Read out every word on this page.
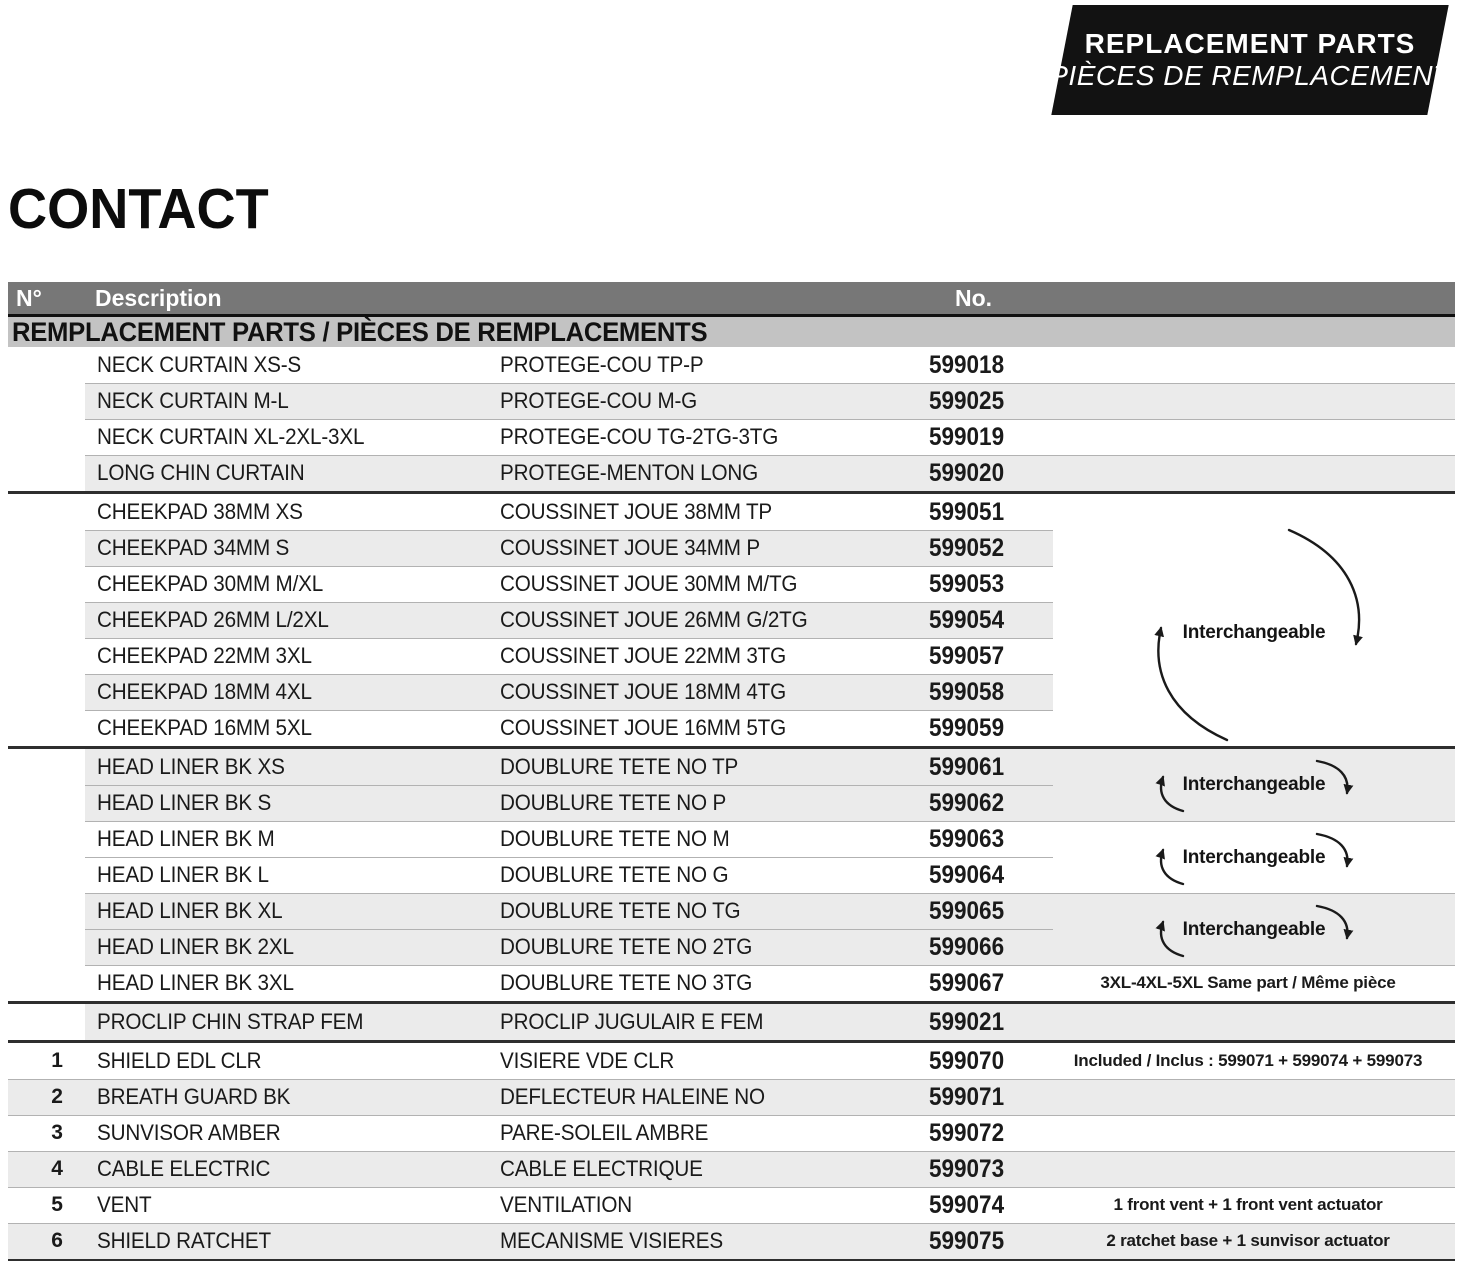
REPLACEMENT PARTS
PIÈCES DE REMPLACEMENT
CONTACT
N° Description	No.
REMPLACEMENT PARTS / PIÈCES DE REMPLACEMENTS
NECK CURTAIN XS-S	PROTEGE-COU TP-P	599018
NECK CURTAIN M-L	PROTEGE-COU M-G	599025
NECK CURTAIN XL-2XL-3XL	PROTEGE-COU TG-2TG-3TG	599019
LONG CHIN CURTAIN	PROTEGE-MENTON LONG	599020
CHEEKPAD 38MM XS	COUSSINET JOUE 38MM TP	599051
CHEEKPAD 34MM S	COUSSINET JOUE 34MM P	599052
CHEEKPAD 30MM M/XL	COUSSINET JOUE 30MM M/TG	599053
CHEEKPAD 26MM L/2XL	COUSSINET JOUE 26MM G/2TG	599054
CHEEKPAD 22MM 3XL	COUSSINET JOUE 22MM 3TG	599057
CHEEKPAD 18MM 4XL	COUSSINET JOUE 18MM 4TG	599058
CHEEKPAD 16MM 5XL	COUSSINET JOUE 16MM 5TG	599059
HEAD LINER BK XS	DOUBLURE TETE NO TP	599061
HEAD LINER BK S	DOUBLURE TETE NO P	599062
HEAD LINER BK M	DOUBLURE TETE NO M	599063
HEAD LINER BK L	DOUBLURE TETE NO G	599064
HEAD LINER BK XL	DOUBLURE TETE NO TG	599065
HEAD LINER BK 2XL	DOUBLURE TETE NO 2TG	599066
HEAD LINER BK 3XL	DOUBLURE TETE NO 3TG	599067	3XL-4XL-5XL Same part / Même pièce
PROCLIP CHIN STRAP FEM	PROCLIP JUGULAIR E FEM	599021
1	SHIELD EDL CLR	VISIERE VDE CLR	599070	Included / Inclus : 599071 + 599074 + 599073
2	BREATH GUARD BK	DEFLECTEUR HALEINE NO	599071
3	SUNVISOR AMBER	PARE-SOLEIL AMBRE	599072
4	CABLE ELECTRIC	CABLE ELECTRIQUE	599073
5	VENT	VENTILATION	599074	1 front vent + 1 front vent actuator
6	SHIELD RATCHET	MECANISME VISIERES	599075	2 ratchet base + 1 sunvisor actuator
Interchangeable
Interchangeable
Interchangeable
Interchangeable
